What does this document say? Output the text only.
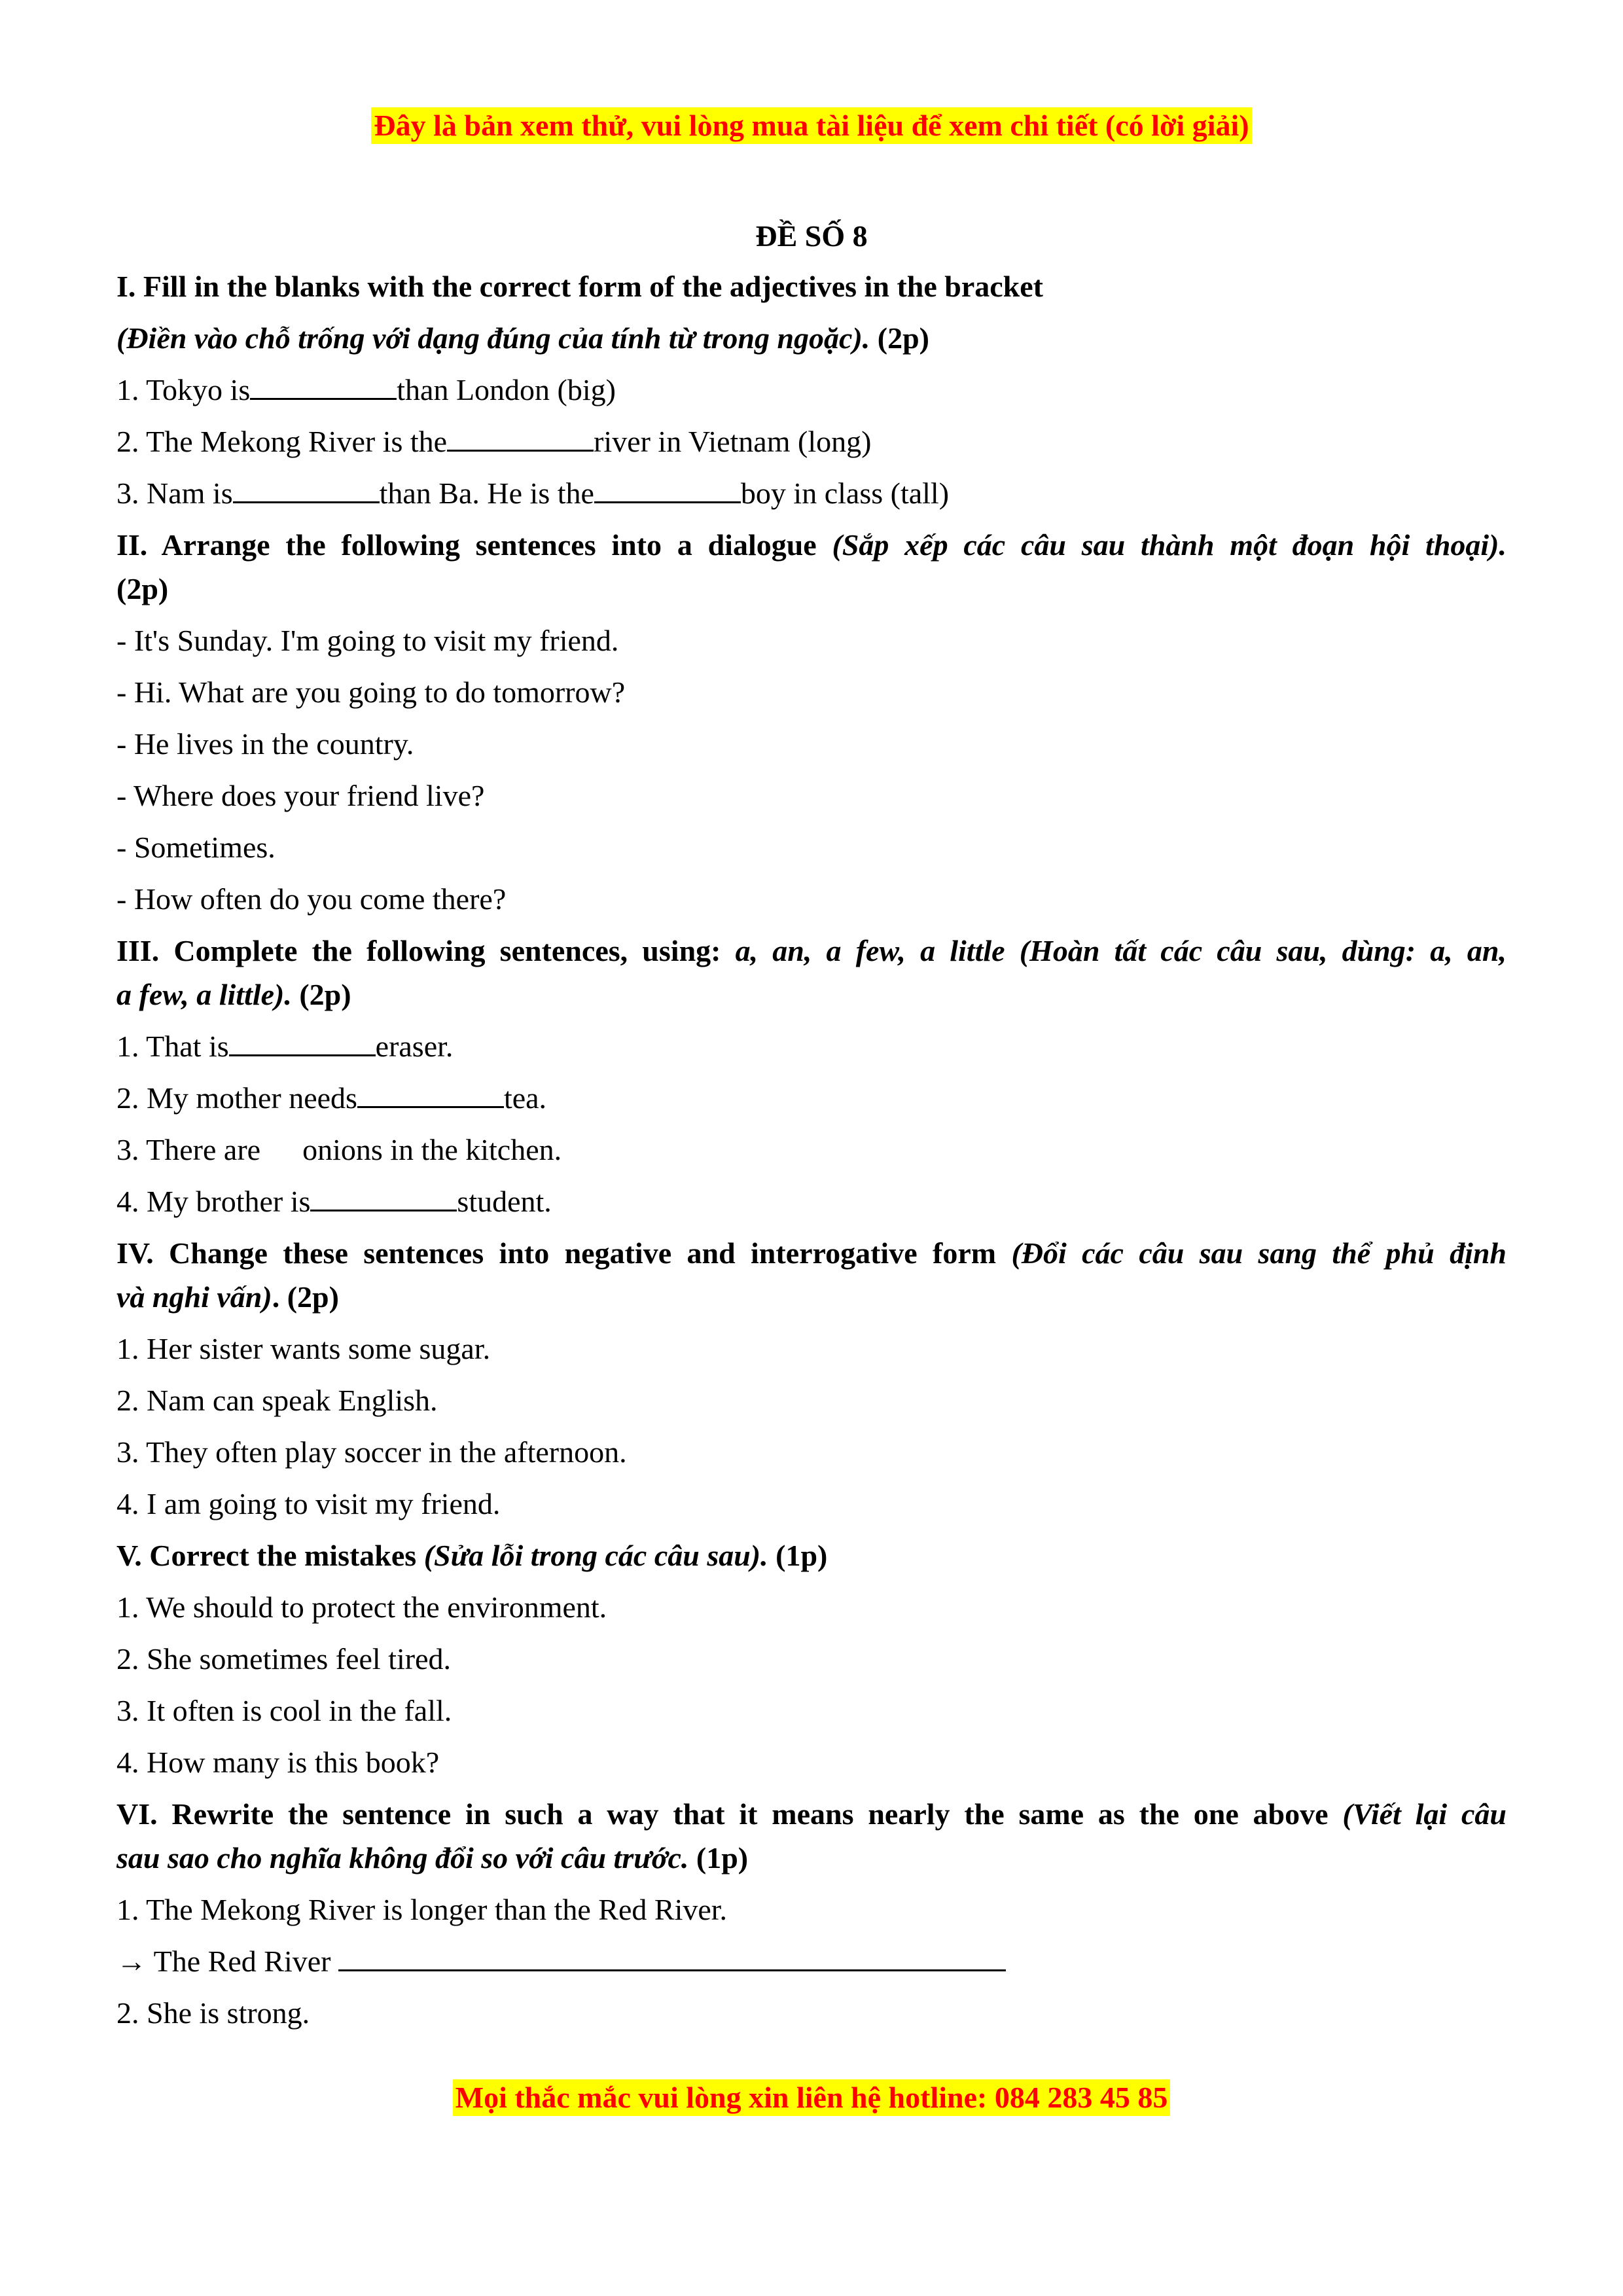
Đây là bản xem thử, vui lòng mua tài liệu để xem chi tiết (có lời giải)
ĐỀ SỐ 8
I. Fill in the blanks with the correct form of the adjectives in the bracket
(Điền vào chỗ trống với dạng đúng của tính từ trong ngoặc). (2p)
1. Tokyo is	than London (big)
2. The Mekong River is the	river in Vietnam (long)
3. Nam is	than Ba. He is the	boy in class (tall)
II. Arrange the following sentences into a dialogue (Sắp xếp các câu sau thành một đoạn hội thoại).
(2p)
- It's Sunday. I'm going to visit my friend.
- Hi. What are you going to do tomorrow?
- He lives in the country.
- Where does your friend live?
- Sometimes.
- How often do you come there?
III. Complete the following sentences, using: a, an, a few, a little (Hoàn tất các câu sau, dùng: a, an,
a few, a little). (2p)
1. That is	eraser.
2. My mother needs	tea.
3. There are onions in the kitchen.
4. My brother is	student.
IV. Change these sentences into negative and interrogative form (Đổi các câu sau sang thể phủ định
và nghi vấn). (2p)
1. Her sister wants some sugar.
2. Nam can speak English.
3. They often play soccer in the afternoon.
4. I am going to visit my friend.
V. Correct the mistakes (Sửa lỗi trong các câu sau). (1p)
1. We should to protect the environment.
2. She sometimes feel tired.
3. It often is cool in the fall.
4. How many is this book?
VI. Rewrite the sentence in such a way that it means nearly the same as the one above (Viết lại câu
sau sao cho nghĩa không đổi so với câu trước. (1p)
1. The Mekong River is longer than the Red River.
→ The Red River
2. She is strong.
Mọi thắc mắc vui lòng xin liên hệ hotline: 084 283 45 85
